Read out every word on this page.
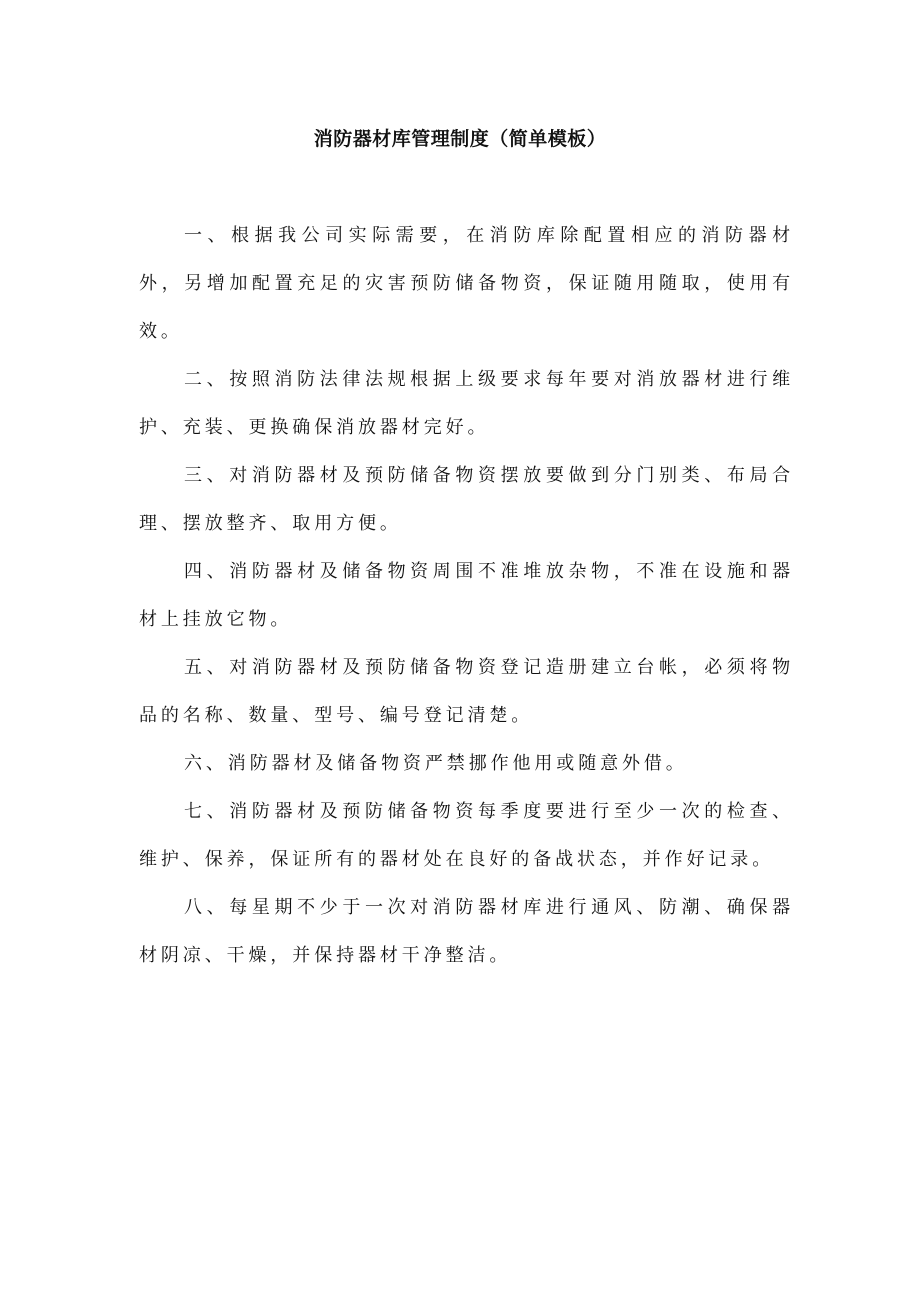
消防器材库管理制度（简单模板）

一、根据我公司实际需要，在消防库除配置相应的消防器材外，另增加配置充足的灾害预防储备物资，保证随用随取，使用有效。

二、按照消防法律法规根据上级要求每年要对消放器材进行维护、充装、更换确保消放器材完好。

三、对消防器材及预防储备物资摆放要做到分门别类、布局合理、摆放整齐、取用方便。

四、消防器材及储备物资周围不准堆放杂物，不准在设施和器材上挂放它物。

五、对消防器材及预防储备物资登记造册建立台帐，必须将物品的名称、数量、型号、编号登记清楚。

六、消防器材及储备物资严禁挪作他用或随意外借。

七、消防器材及预防储备物资每季度要进行至少一次的检查、维护、保养，保证所有的器材处在良好的备战状态，并作好记录。

八、每星期不少于一次对消防器材库进行通风、防潮、确保器材阴凉、干燥，并保持器材干净整洁。
